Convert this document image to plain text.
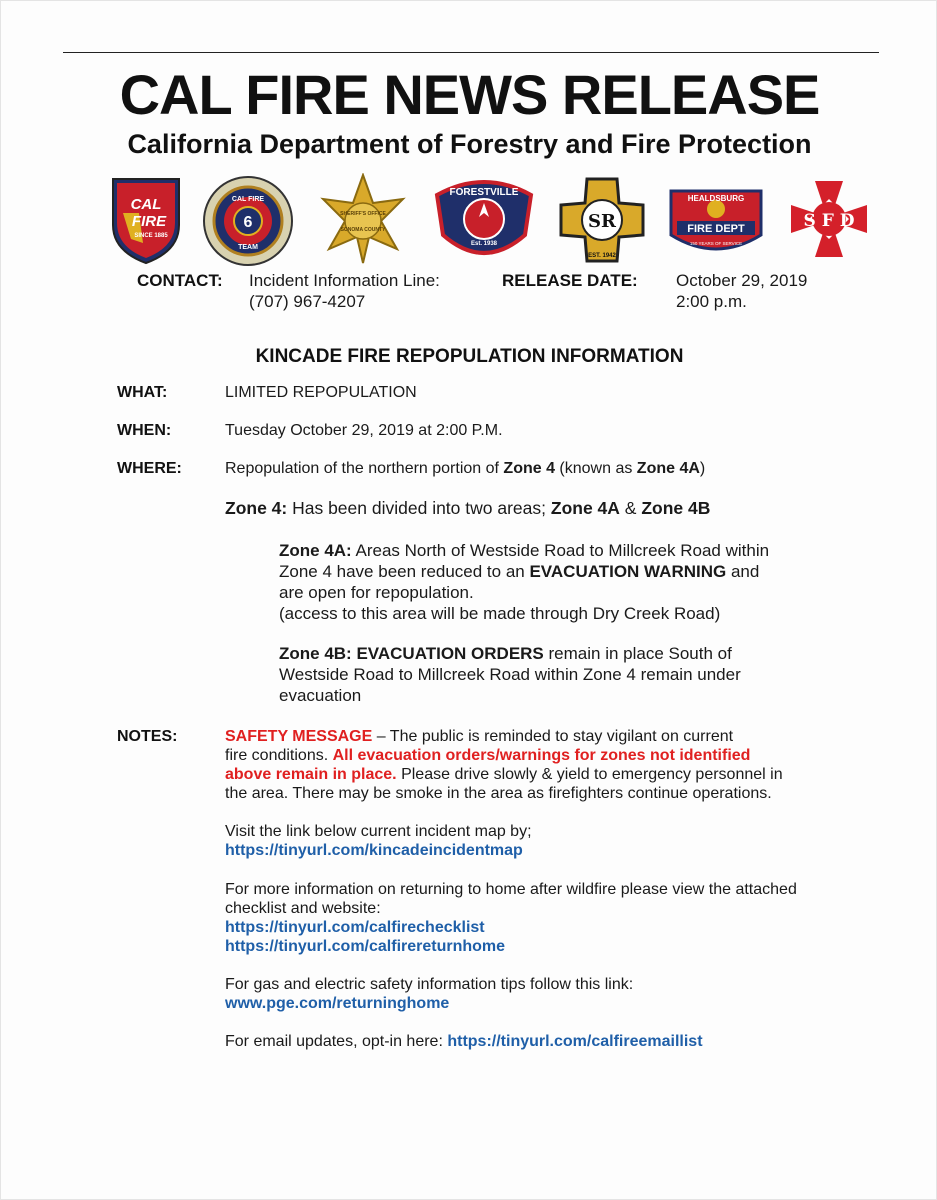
CAL FIRE NEWS RELEASE
California Department of Forestry and Fire Protection
CAL
FIRE
SINCE 1885
6
CAL FIRE
TEAM
SHERIFF'S OFFICE
SONOMA COUNTY
FORESTVILLE
Est. 1938
SR
EST. 1942
HEALDSBURG
FIRE DEPT
150 YEARS OF SERVICE
S F D
CONTACT: Incident Information Line:
(707) 967-4207
RELEASE DATE: October 29, 2019
2:00 p.m.
KINCADE FIRE REPOPULATION INFORMATION
WHAT:	LIMITED REPOPULATION
WHEN:	Tuesday October 29, 2019 at 2:00 P.M.
WHERE:	Repopulation of the northern portion of Zone 4 (known as Zone 4A)
Zone 4: Has been divided into two areas; Zone 4A & Zone 4B
Zone 4A: Areas North of Westside Road to Millcreek Road within
Zone 4 have been reduced to an EVACUATION WARNING and
are open for repopulation.
(access to this area will be made through Dry Creek Road)
Zone 4B: EVACUATION ORDERS remain in place South of
Westside Road to Millcreek Road within Zone 4 remain under
evacuation
NOTES:	SAFETY MESSAGE – The public is reminded to stay vigilant on current
fire conditions. All evacuation orders/warnings for zones not identified
above remain in place. Please drive slowly & yield to emergency personnel in
the area. There may be smoke in the area as firefighters continue operations.
Visit the link below current incident map by;
https://tinyurl.com/kincadeincidentmap
For more information on returning to home after wildfire please view the attached
checklist and website:
https://tinyurl.com/calfirechecklist
https://tinyurl.com/calfirereturnhome
For gas and electric safety information tips follow this link:
www.pge.com/returninghome
For email updates, opt-in here: https://tinyurl.com/calfireemaillist
